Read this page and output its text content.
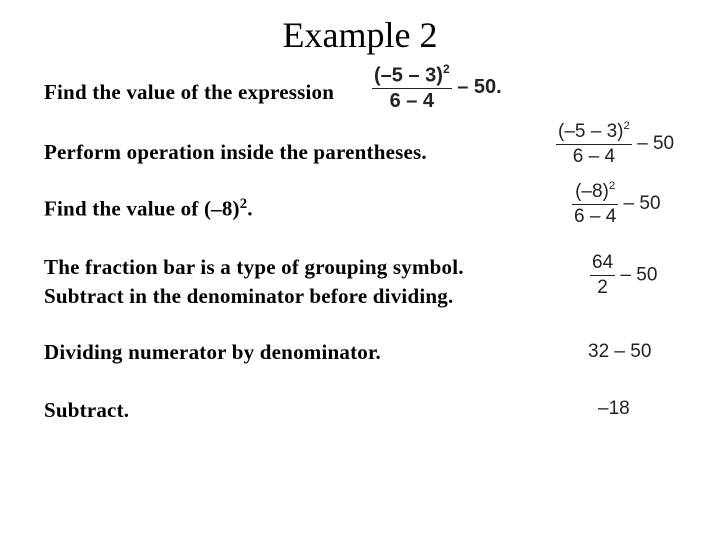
Example 2
Find the value of the expression $\frac{(-5 - 3)^2}{6 - 4} - 50$.
Perform operation inside the parentheses.	$\frac{(-5 - 3)^2}{6 - 4} - 50$
Find the value of $(-8)^2$.	$\frac{(-8)^2}{6 - 4} - 50$
The fraction bar is a type of grouping symbol.
Subtract in the denominator before dividing.	$\frac{64}{2} - 50$
Dividing numerator by denominator.	32 – 50
Subtract.	–18
